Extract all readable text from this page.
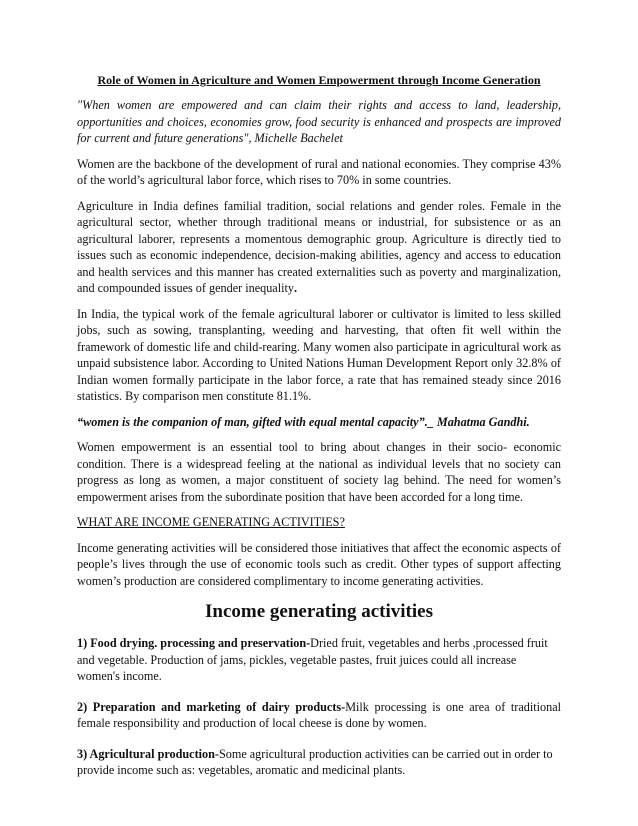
Role of Women in Agriculture and Women Empowerment through Income Generation

"When women are empowered and can claim their rights and access to land, leadership, opportunities and choices, economies grow, food security is enhanced and prospects are improved for current and future generations", Michelle Bachelet

Women are the backbone of the development of rural and national economies. They comprise 43% of the world’s agricultural labor force, which rises to 70% in some countries.

Agriculture in India defines familial tradition, social relations and gender roles. Female in the agricultural sector, whether through traditional means or industrial, for subsistence or as an agricultural laborer, represents a momentous demographic group. Agriculture is directly tied to issues such as economic independence, decision-making abilities, agency and access to education and health services and this manner has created externalities such as poverty and marginalization, and compounded issues of gender inequality.

In India, the typical work of the female agricultural laborer or cultivator is limited to less skilled jobs, such as sowing, transplanting, weeding and harvesting, that often fit well within the framework of domestic life and child-rearing. Many women also participate in agricultural work as unpaid subsistence labor. According to United Nations Human Development Report only 32.8% of Indian women formally participate in the labor force, a rate that has remained steady since 2016 statistics. By comparison men constitute 81.1%.

“women is the companion of man, gifted with equal mental capacity”._ Mahatma Gandhi.

Women empowerment is an essential tool to bring about changes in their socio- economic condition. There is a widespread feeling at the national as individual levels that no society can progress as long as women, a major constituent of society lag behind. The need for women’s empowerment arises from the subordinate position that have been accorded for a long time.

WHAT ARE INCOME GENERATING ACTIVITIES?

Income generating activities will be considered those initiatives that affect the economic aspects of people’s lives through the use of economic tools such as credit. Other types of support affecting women’s production are considered complimentary to income generating activities.

Income generating activities

1) Food drying. processing and preservation-Dried fruit, vegetables and herbs ,processed fruit and vegetable. Production of jams, pickles, vegetable pastes, fruit juices could all increase women's income.

2) Preparation and marketing of dairy products-Milk processing is one area of traditional female responsibility and production of local cheese is done by women.

3) Agricultural production-Some agricultural production activities can be carried out in order to provide income such as: vegetables, aromatic and medicinal plants.
